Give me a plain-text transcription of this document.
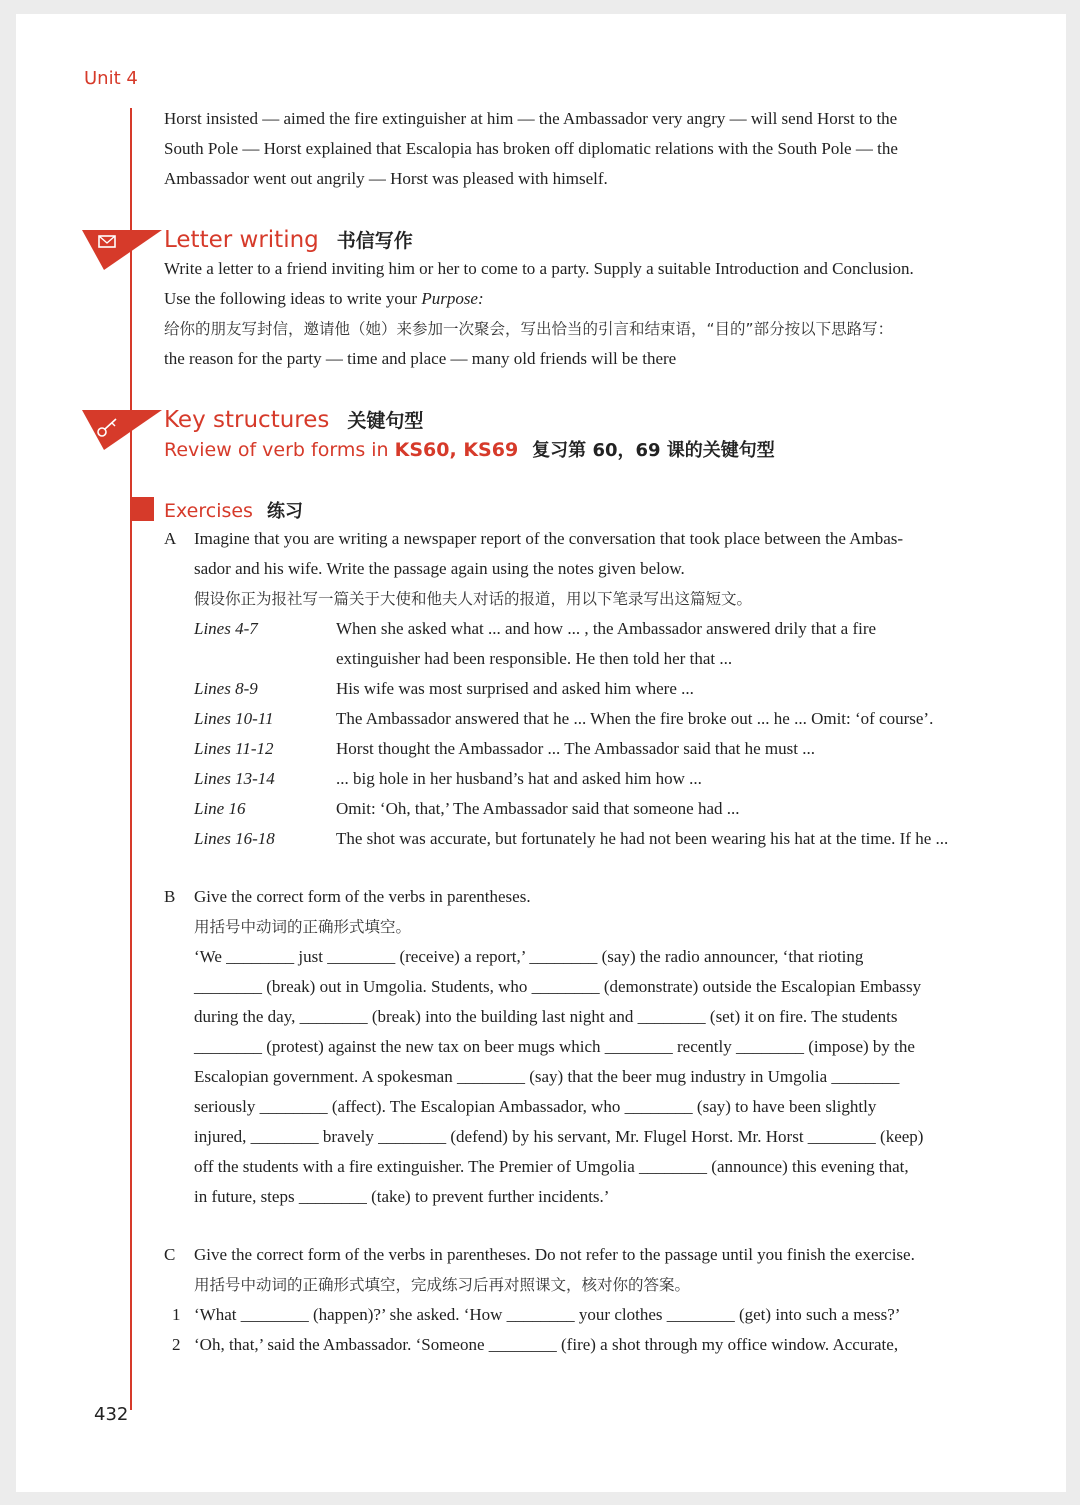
Unit 4
Horst insisted — aimed the fire extinguisher at him — the Ambassador very angry — will send Horst to the
South Pole — Horst explained that Escalopia has broken off diplomatic relations with the South Pole — the
Ambassador went out angrily — Horst was pleased with himself.
Letter writing 书信写作
Write a letter to a friend inviting him or her to come to a party. Supply a suitable Introduction and Conclusion.
Use the following ideas to write your Purpose:
给你的朋友写封信，邀请他（她）来参加一次聚会，写出恰当的引言和结束语，“目的”部分按以下思路写：
the reason for the party — time and place — many old friends will be there
Key structures 关键句型
Review of verb forms in KS60, KS69 复习第 60，69 课的关键句型
Exercises 练习
A Imagine that you are writing a newspaper report of the conversation that took place between the Ambas-
sador and his wife. Write the passage again using the notes given below.
假设你正为报社写一篇关于大使和他夫人对话的报道，用以下笔录写出这篇短文。
Lines 4-7	When she asked what ... and how ... , the Ambassador answered drily that a fire
extinguisher had been responsible. He then told her that ...
Lines 8-9	His wife was most surprised and asked him where ...
Lines 10-11	The Ambassador answered that he ... When the fire broke out ... he ... Omit: ‘of course’.
Lines 11-12	Horst thought the Ambassador ... The Ambassador said that he must ...
Lines 13-14	... big hole in her husband’s hat and asked him how ...
Line 16	Omit: ‘Oh, that,’ The Ambassador said that someone had ...
Lines 16-18	The shot was accurate, but fortunately he had not been wearing his hat at the time. If he ...
B Give the correct form of the verbs in parentheses.
用括号中动词的正确形式填空。
‘We ________ just ________ (receive) a report,’ ________ (say) the radio announcer, ‘that rioting
________ (break) out in Umgolia. Students, who ________ (demonstrate) outside the Escalopian Embassy
during the day, ________ (break) into the building last night and ________ (set) it on fire. The students
________ (protest) against the new tax on beer mugs which ________ recently ________ (impose) by the
Escalopian government. A spokesman ________ (say) that the beer mug industry in Umgolia ________
seriously ________ (affect). The Escalopian Ambassador, who ________ (say) to have been slightly
injured, ________ bravely ________ (defend) by his servant, Mr. Flugel Horst. Mr. Horst ________ (keep)
off the students with a fire extinguisher. The Premier of Umgolia ________ (announce) this evening that,
in future, steps ________ (take) to prevent further incidents.’
C Give the correct form of the verbs in parentheses. Do not refer to the passage until you finish the exercise.
用括号中动词的正确形式填空，完成练习后再对照课文，核对你的答案。
1 ‘What ________ (happen)?’ she asked. ‘How ________ your clothes ________ (get) into such a mess?’
2 ‘Oh, that,’ said the Ambassador. ‘Someone ________ (fire) a shot through my office window. Accurate,
432
